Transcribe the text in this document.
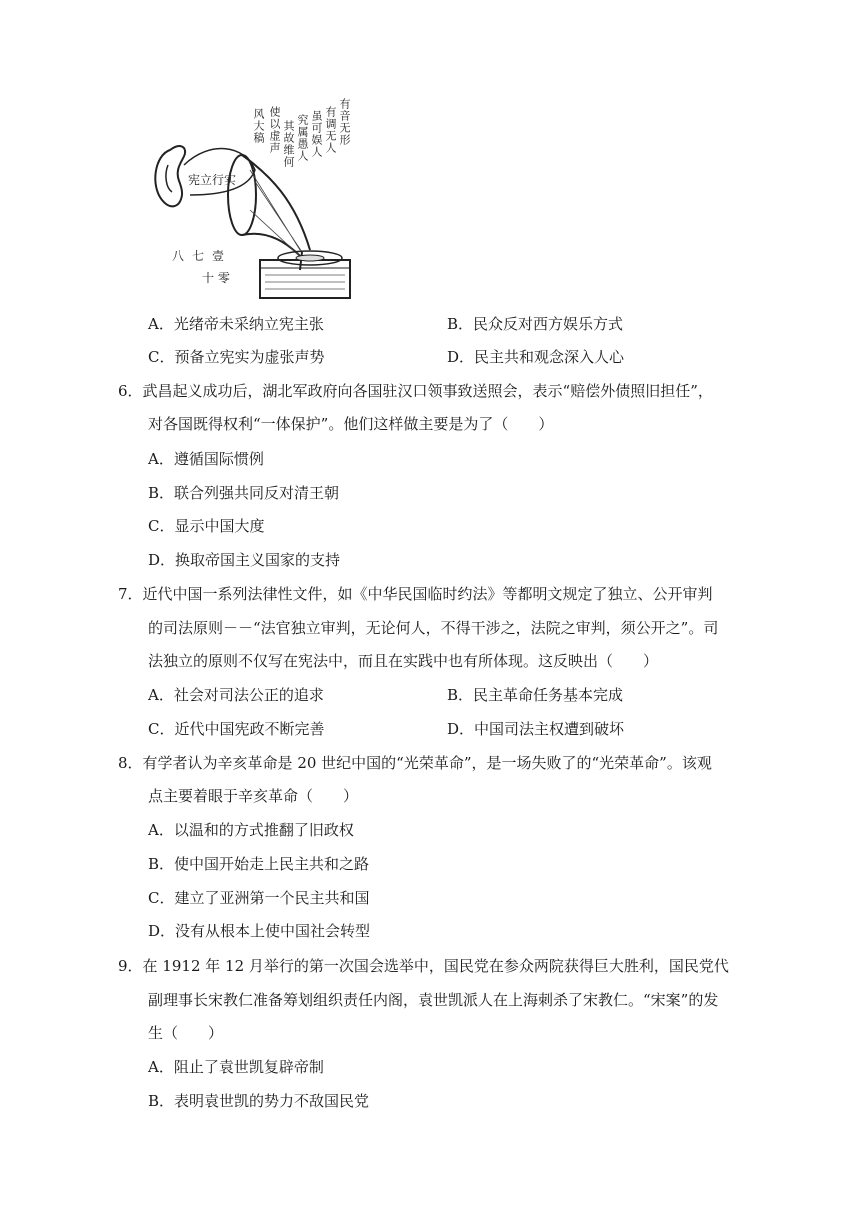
宪立行实
八七壹
十 零
有音无形
有调无人
虽可娱人
究属愚人
其故维何
使以虚声
风大稿
A．光绪帝未采纳立宪主张	B．民众反对西方娱乐方式
C．预备立宪实为虚张声势	D．民主共和观念深入人心
6．武昌起义成功后，湖北军政府向各国驻汉口领事致送照会，表示“赔偿外债照旧担任”，
对各国既得权利“一体保护”。他们这样做主要是为了（　　）
A．遵循国际惯例
B．联合列强共同反对清王朝
C．显示中国大度
D．换取帝国主义国家的支持
7．近代中国一系列法律性文件，如《中华民国临时约法》等都明文规定了独立、公开审判
的司法原则－－“法官独立审判，无论何人，不得干涉之，法院之审判，须公开之”。司
法独立的原则不仅写在宪法中，而且在实践中也有所体现。这反映出（　　）
A．社会对司法公正的追求	B．民主革命任务基本完成
C．近代中国宪政不断完善	D．中国司法主权遭到破坏
8．有学者认为辛亥革命是 20 世纪中国的“光荣革命”，是一场失败了的“光荣革命”。该观
点主要着眼于辛亥革命（　　）
A．以温和的方式推翻了旧政权
B．使中国开始走上民主共和之路
C．建立了亚洲第一个民主共和国
D．没有从根本上使中国社会转型
9．在 1912 年 12 月举行的第一次国会选举中，国民党在参众两院获得巨大胜利，国民党代
副理事长宋教仁准备筹划组织责任内阁，袁世凯派人在上海刺杀了宋教仁。“宋案”的发
生（　　）
A．阻止了袁世凯复辟帝制
B．表明袁世凯的势力不敌国民党
